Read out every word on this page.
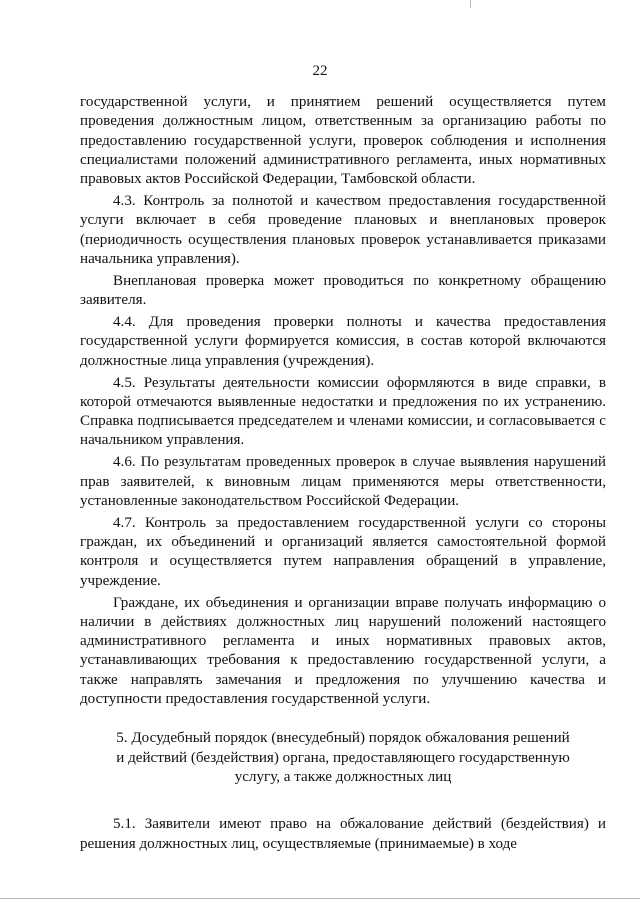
22

государственной услуги, и принятием решений осуществляется путем проведения должностным лицом, ответственным за организацию работы по предоставлению государственной услуги, проверок соблюдения и исполнения специалистами положений административного регламента, иных нормативных правовых актов Российской Федерации, Тамбовской области.

4.3. Контроль за полнотой и качеством предоставления государственной услуги включает в себя проведение плановых и внеплановых проверок (периодичность осуществления плановых проверок устанавливается приказами начальника управления).

Внеплановая проверка может проводиться по конкретному обращению заявителя.

4.4. Для проведения проверки полноты и качества предоставления государственной услуги формируется комиссия, в состав которой включаются должностные лица управления (учреждения).

4.5. Результаты деятельности комиссии оформляются в виде справки, в которой отмечаются выявленные недостатки и предложения по их устранению. Справка подписывается председателем и членами комиссии, и согласовывается с начальником управления.

4.6. По результатам проведенных проверок в случае выявления нарушений прав заявителей, к виновным лицам применяются меры ответственности, установленные законодательством Российской Федерации.

4.7. Контроль за предоставлением государственной услуги со стороны граждан, их объединений и организаций является самостоятельной формой контроля и осуществляется путем направления обращений в управление, учреждение.

Граждане, их объединения и организации вправе получать информацию о наличии в действиях должностных лиц нарушений положений настоящего административного регламента и иных нормативных правовых актов, устанавливающих требования к предоставлению государственной услуги, а также направлять замечания и предложения по улучшению качества и доступности предоставления государственной услуги.

5. Досудебный порядок (внесудебный) порядок обжалования решений
и действий (бездействия) органа, предоставляющего государственную
услугу, а также должностных лиц

5.1. Заявители имеют право на обжалование действий (бездействия) и решения должностных лиц, осуществляемые (принимаемые) в ходе
